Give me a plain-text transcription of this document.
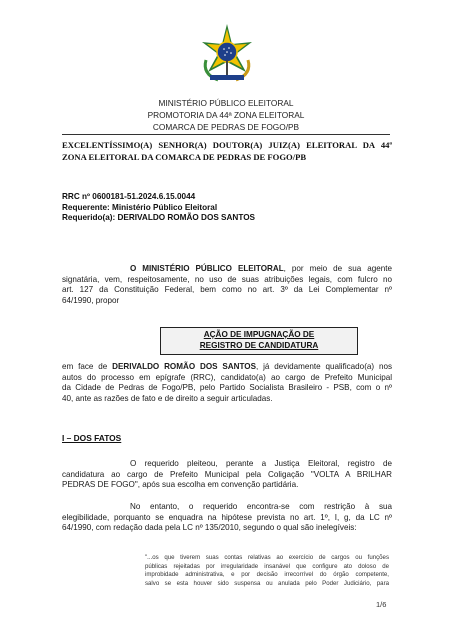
MINISTÉRIO PÚBLICO ELEITORAL
PROMOTORIA DA 44ª ZONA ELEITORAL
COMARCA DE PEDRAS DE FOGO/PB
EXCELENTÍSSIMO(A) SENHOR(A) DOUTOR(A) JUIZ(A) ELEITORAL DA 44ª
ZONA ELEITORAL DA COMARCA DE PEDRAS DE FOGO/PB
RRC nº 0600181-51.2024.6.15.0044
Requerente: Ministério Público Eleitoral
Requerido(a): DERIVALDO ROMÃO DOS SANTOS
O MINISTÉRIO PÚBLICO ELEITORAL, por meio de sua agente
signatária, vem, respeitosamente, no uso de suas atribuições legais, com fulcro no
art. 127 da Constituição Federal, bem como no art. 3º da Lei Complementar nº
64/1990, propor
AÇÃO DE IMPUGNAÇÃO DE
REGISTRO DE CANDIDATURA
em face de DERIVALDO ROMÃO DOS SANTOS, já devidamente qualificado(a) nos
autos do processo em epígrafe (RRC), candidato(a) ao cargo de Prefeito Municipal
da Cidade de Pedras de Fogo/PB, pelo Partido Socialista Brasileiro - PSB, com o nº
40, ante as razões de fato e de direito a seguir articuladas.
I – DOS FATOS
O requerido pleiteou, perante a Justiça Eleitoral, registro de
candidatura ao cargo de Prefeito Municipal pela Coligação "VOLTA A BRILHAR
PEDRAS DE FOGO", após sua escolha em convenção partidária.
No entanto, o requerido encontra-se com restrição à sua
elegibilidade, porquanto se enquadra na hipótese prevista no art. 1º, I, g, da LC nº
64/1990, com redação dada pela LC nº 135/2010, segundo o qual são inelegíveis:
"...os que tiverem suas contas relativas ao exercício de cargos ou funções
públicas rejeitadas por irregularidade insanável que configure ato doloso de
improbidade administrativa, e por decisão irrecorrível do órgão competente,
salvo se esta houver sido suspensa ou anulada pelo Poder Judiciário, para
1/6
